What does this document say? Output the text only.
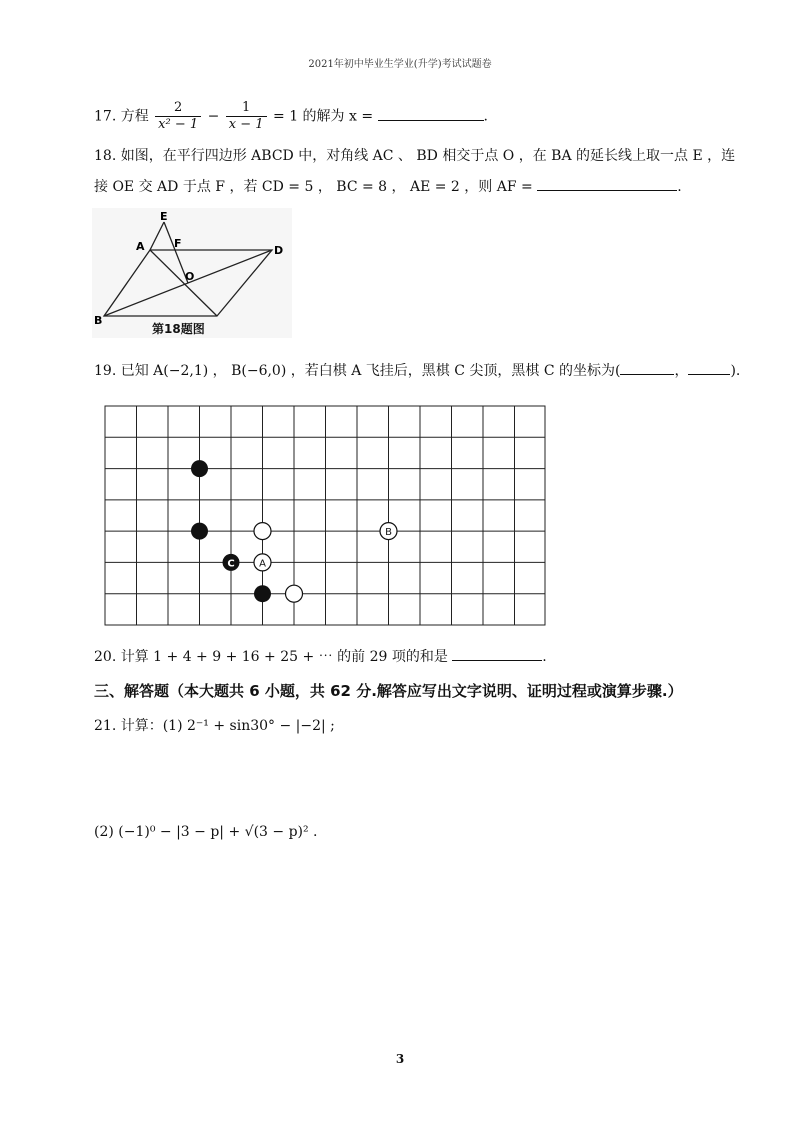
2021年初中毕业生学业(升学)考试试题卷
17. 方程 $\frac{2}{\text{x² − 1}} - \frac{1}{x - 1} = 1$ 的解为 x =	.
18. 如图，在平行四边形 ABCD 中，对角线 AC 、 BD 相交于点 O ，在 BA 的延长线上取一点 E ，连
接 OE 交 AD 于点 F ，若 CD = 5 ， BC = 8 ， AE = 2 ，则 AF =	.
E
A	F
D
O
B
第18题图
19. 已知 A(−2,1) ， B(−6,0) ，若白棋 A 飞挂后，黑棋 C 尖顶，黑棋 C 的坐标为(	，	).
C A
B
20. 计算 1 + 4 + 9 + 16 + 25 + ⋯ 的前 29 项的和是	.
三、解答题（本大题共 6 小题，共 62 分.解答应写出文字说明、证明过程或演算步骤.）
21. 计算：(1) 2⁻¹ + sin30° − |−2| ;
(2) (−1)⁰ − |3 − p| + √(3 − p)² .
3
